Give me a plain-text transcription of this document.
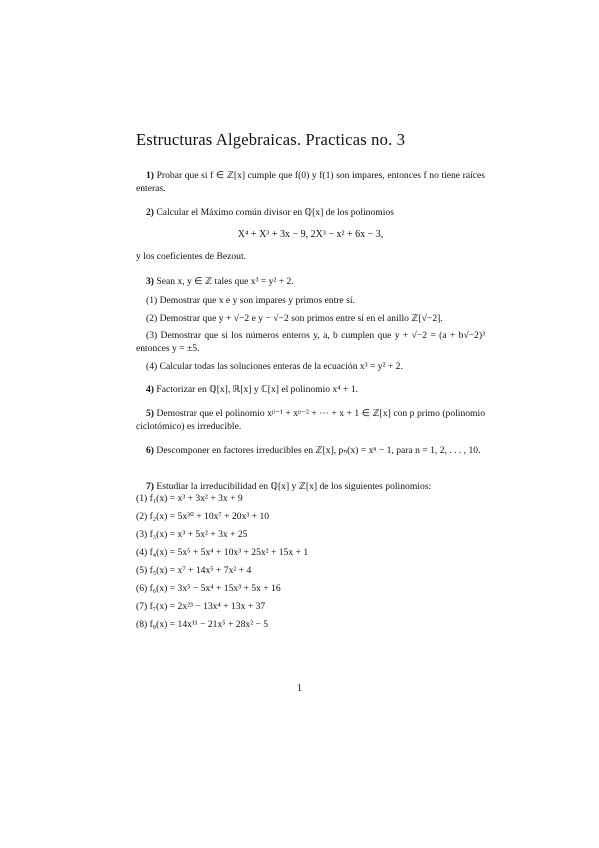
Estructuras Algebraicas. Practicas no. 3
1) Probar que si f ∈ ℤ[x] cumple que f(0) y f(1) son impares, entonces f no tiene raíces enteras.
2) Calcular el Máximo común divisor en ℚ[x] de los polinomios
X⁴ + X³ + 3x − 9, 2X³ − x² + 6x − 3,
y los coeficientes de Bezout.
3) Sean x, y ∈ ℤ tales que x³ = y² + 2.
(1) Demostrar que x e y son impares y primos entre sí.
(2) Demostrar que y + √−2 e y − √−2 son primos entre sí en el anillo ℤ[√−2].
(3) Demostrar que si los números enteros y, a, b cumplen que y + √−2 = (a + b√−2)³ entonces y = ±5.
(4) Calcular todas las soluciones enteras de la ecuación x³ = y² + 2.
4) Factorizar en ℚ[x], ℝ[x] y ℂ[x] el polinomio x⁴ + 1.
5) Demostrar que el polinomio xᵖ⁻¹ + xᵖ⁻² + ··· + x + 1 ∈ ℤ[x] con p primo (polinomio ciclotómico) es irreducible.
6) Descomponer en factores irreducibles en ℤ[x], pₙ(x) = xⁿ − 1, para n = 1, 2, . . . , 10.
7) Estudiar la irreducibilidad en ℚ[x] y ℤ[x] de los siguientes polinomios:
(1) f₁(x) = x³ + 3x² + 3x + 9
(2) f₂(x) = 5x³⁰ + 10x⁷ + 20x³ + 10
(3) f₃(x) = x³ + 5x² + 3x + 25
(4) f₄(x) = 5x⁵ + 5x⁴ + 10x³ + 25x² + 15x + 1
(5) f₅(x) = x⁷ + 14x⁵ + 7x² + 4
(6) f₆(x) = 3x⁵ − 5x⁴ + 15x³ + 5x + 16
(7) f₇(x) = 2x²³ − 13x⁴ + 13x + 37
(8) f₈(x) = 14x¹¹ − 21x⁵ + 28x² − 5
1
